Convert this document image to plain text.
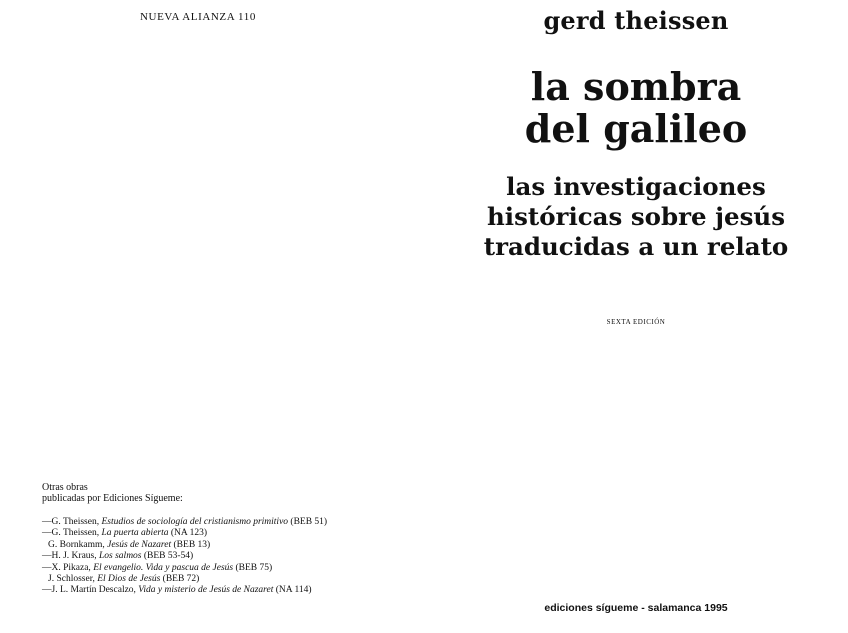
NUEVA ALIANZA 110
Otras obras
publicadas por Ediciones Sígueme:
—G. Theissen, Estudios de sociología del cristianismo primitivo (BEB 51)
—G. Theissen, La puerta abierta (NA 123)
G. Bornkamm, Jesús de Nazaret (BEB 13)
—H. J. Kraus, Los salmos (BEB 53-54)
—X. Pikaza, El evangelio. Vida y pascua de Jesús (BEB 75)
J. Schlosser, El Dios de Jesús (BEB 72)
—J. L. Martín Descalzo, Vida y misterio de Jesús de Nazaret (NA 114)
gerd theissen
la sombra
del galileo
las investigaciones
históricas sobre jesús
traducidas a un relato
SEXTA EDICIÓN
ediciones sígueme - salamanca 1995
